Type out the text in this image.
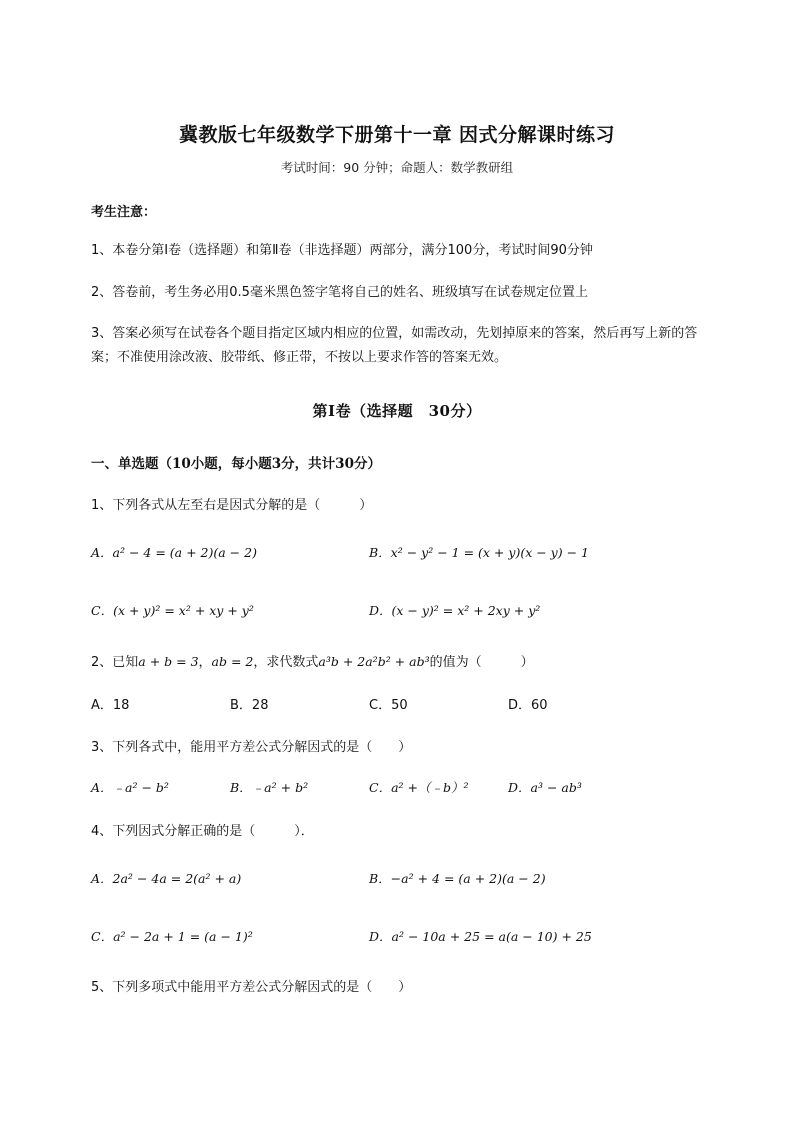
冀教版七年级数学下册第十一章 因式分解课时练习
考试时间：90 分钟；命题人：数学教研组
考生注意：
1、本卷分第I卷（选择题）和第Ⅱ卷（非选择题）两部分，满分100分，考试时间90分钟
2、答卷前，考生务必用0.5毫米黑色签字笔将自己的姓名、班级填写在试卷规定位置上
3、答案必须写在试卷各个题目指定区域内相应的位置，如需改动，先划掉原来的答案，然后再写上新的答案；不准使用涂改液、胶带纸、修正带，不按以上要求作答的答案无效。
第I卷（选择题　30分）
一、单选题（10小题，每小题3分，共计30分）
1、下列各式从左至右是因式分解的是（　　　）
A．a² − 4 = (a + 2)(a − 2)	B．x² − y² − 1 = (x + y)(x − y) − 1
C．(x + y)² = x² + xy + y²	D．(x − y)² = x² + 2xy + y²
2、已知a + b = 3，ab = 2，求代数式a³b + 2a²b² + ab³的值为（　　　）
A．18	B．28	C．50	D．60
3、下列各式中，能用平方差公式分解因式的是（　　）
A．﹣a² − b²	B．﹣a² + b²	C．a² +（﹣b）²	D．a³ − ab³
4、下列因式分解正确的是（　　　）．
A．2a² − 4a = 2(a² + a)	B．−a² + 4 = (a + 2)(a − 2)
C．a² − 2a + 1 = (a − 1)²	D．a² − 10a + 25 = a(a − 10) + 25
5、下列多项式中能用平方差公式分解因式的是（　　）
